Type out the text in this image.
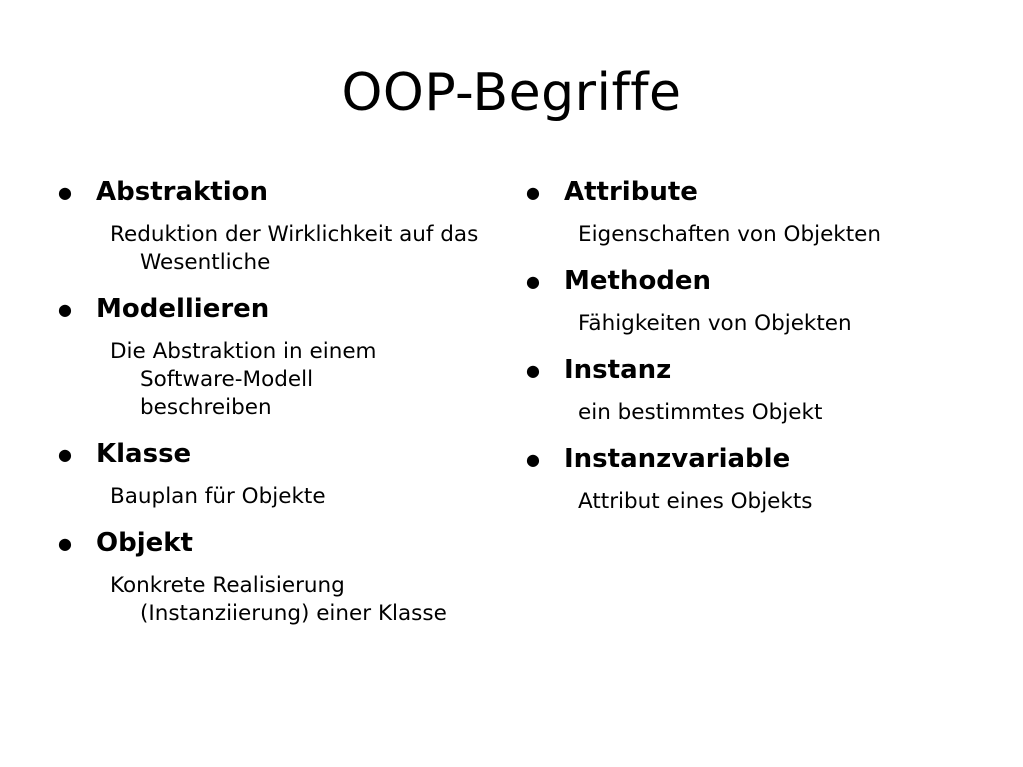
OOP-Begriffe
● Abstraktion
Reduktion der Wirklichkeit auf das Wesentliche
● Modellieren
Die Abstraktion in einem Software-Modell beschreiben
● Klasse
Bauplan für Objekte
● Objekt
Konkrete Realisierung (Instanziierung) einer Klasse
● Attribute
Eigenschaften von Objekten
● Methoden
Fähigkeiten von Objekten
● Instanz
ein bestimmtes Objekt
● Instanzvariable
Attribut eines Objekts
